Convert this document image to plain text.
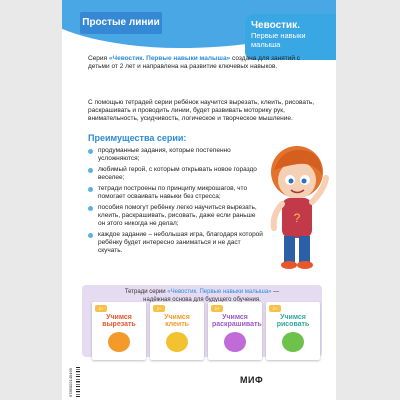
Простые линии	Чевостик.
Первые навыки малыша
Серия «Чевостик. Первые навыки малыша» создана для занятий с детьми от 2 лет и направлена на развитие ключевых навыков.
С помощью тетрадей серии ребёнок научится вырезать, клеить, рисовать, раскрашивать и проводить линии, будет развивать моторику рук, внимательность, усидчивость, логическое и творческое мышление.
Преимущества серии:
продуманные задания, которые постепенно усложняются;
любимый герой, с которым открывать новое гораздо веселее;
тетради построены по принципу микрошагов, что помогает осваивать навыки без стресса;
пособия помогут ребёнку легко научиться вырезать, клеить, раскрашивать, рисовать, даже если раньше он этого никогда не делал;
каждое задание – небольшая игра, благодаря которой ребёнку будет интересно заниматься и не даст скучать.
?
Тетради серии «Чевостик. Первые навыки малыша» —
надёжная основа для будущего обучения.
2+
Учимся вырезать
2+
Учимся клеить
2+
Учимся раскрашивать
2+
Учимся рисовать
9785002145499	МИФ
